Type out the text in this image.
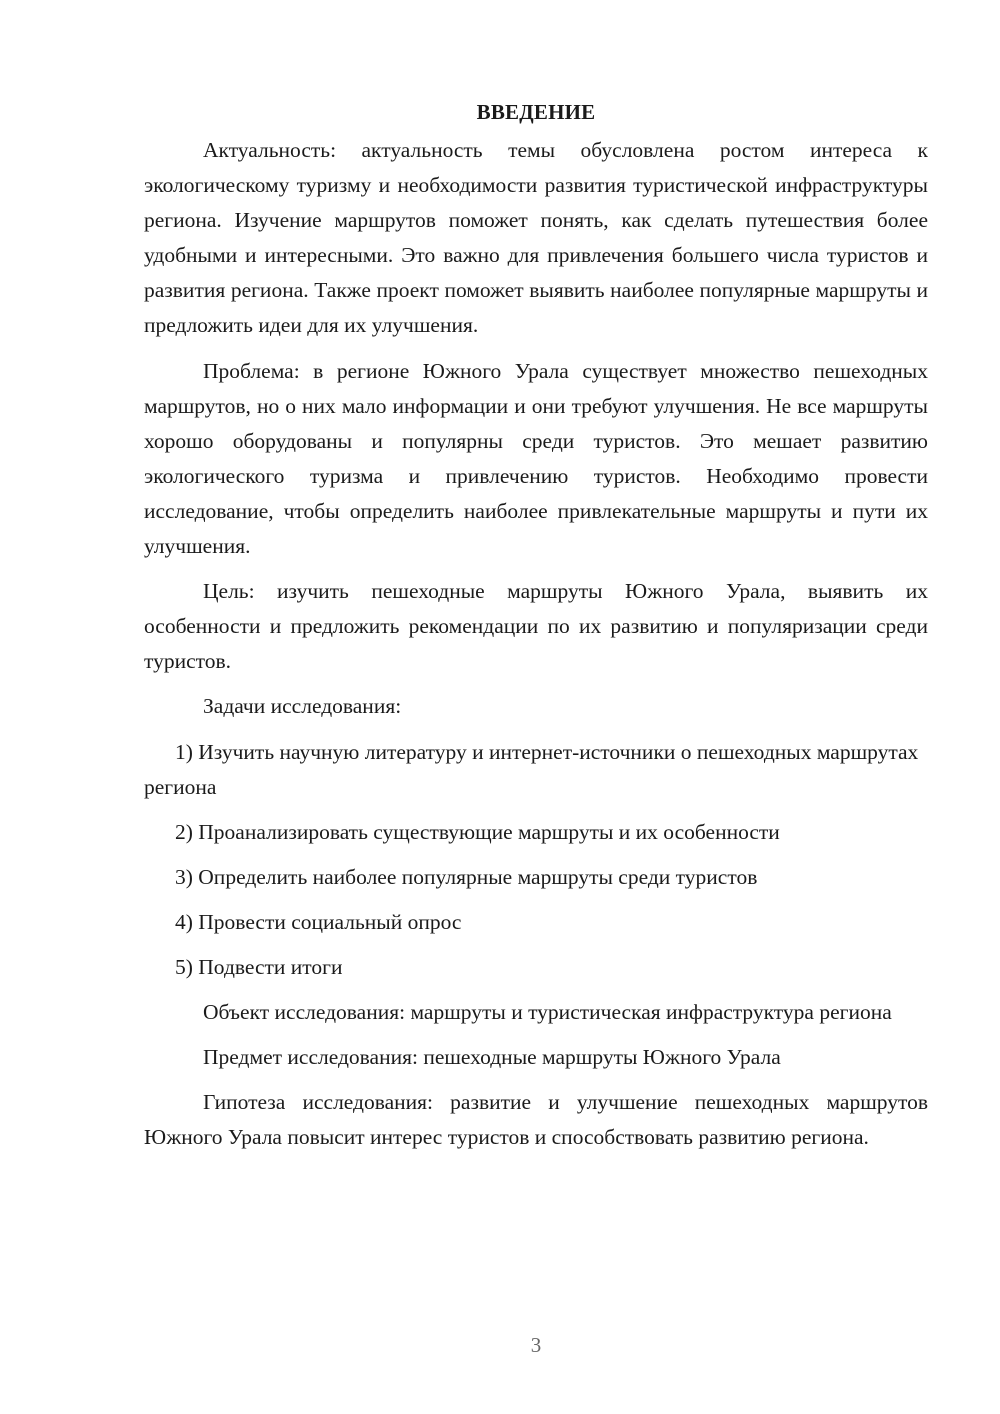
ВВЕДЕНИЕ

Актуальность: актуальность темы обусловлена ростом интереса к экологическому туризму и необходимости развития туристической инфраструктуры региона. Изучение маршрутов поможет понять, как сделать путешествия более удобными и интересными. Это важно для привлечения большего числа туристов и развития региона. Также проект поможет выявить наиболее популярные маршруты и предложить идеи для их улучшения.

Проблема: в регионе Южного Урала существует множество пешеходных маршрутов, но о них мало информации и они требуют улучшения. Не все маршруты хорошо оборудованы и популярны среди туристов. Это мешает развитию экологического туризма и привлечению туристов. Необходимо провести исследование, чтобы определить наиболее привлекательные маршруты и пути их улучшения.

Цель: изучить пешеходные маршруты Южного Урала, выявить их особенности и предложить рекомендации по их развитию и популяризации среди туристов.

Задачи исследования:

1) Изучить научную литературу и интернет-источники о пешеходных маршрутах региона

2) Проанализировать существующие маршруты и их особенности

3) Определить наиболее популярные маршруты среди туристов

4) Провести социальный опрос

5) Подвести итоги

Объект исследования: маршруты и туристическая инфраструктура региона

Предмет исследования: пешеходные маршруты Южного Урала

Гипотеза исследования: развитие и улучшение пешеходных маршрутов Южного Урала повысит интерес туристов и способствовать развитию региона.

3
